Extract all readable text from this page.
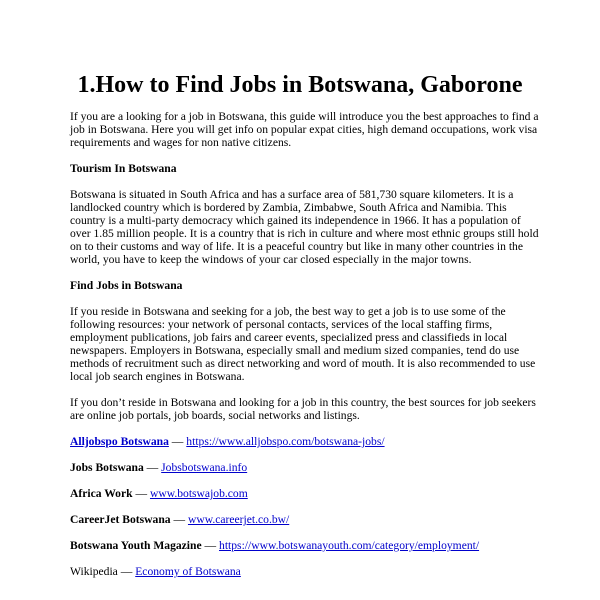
1.How to Find Jobs in Botswana, Gaborone

If you are a looking for a job in Botswana, this guide will introduce you the best approaches to find a job in Botswana. Here you will get info on popular expat cities, high demand occupations, work visa requirements and wages for non native citizens.

Tourism In Botswana

Botswana is situated in South Africa and has a surface area of 581,730 square kilometers. It is a landlocked country which is bordered by Zambia, Zimbabwe, South Africa and Namibia. This country is a multi-party democracy which gained its independence in 1966. It has a population of over 1.85 million people. It is a country that is rich in culture and where most ethnic groups still hold on to their customs and way of life. It is a peaceful country but like in many other countries in the world, you have to keep the windows of your car closed especially in the major towns.

Find Jobs in Botswana

If you reside in Botswana and seeking for a job, the best way to get a job is to use some of the following resources: your network of personal contacts, services of the local staffing firms, employment publications, job fairs and career events, specialized press and classifieds in local newspapers. Employers in Botswana, especially small and medium sized companies, tend do use methods of recruitment such as direct networking and word of mouth. It is also recommended to use local job search engines in Botswana.

If you don’t reside in Botswana and looking for a job in this country, the best sources for job seekers are online job portals, job boards, social networks and listings.

Alljobspo Botswana — https://www.alljobspo.com/botswana-jobs/

Jobs Botswana — Jobsbotswana.info

Africa Work — www.botswajob.com

CareerJet Botswana — www.careerjet.co.bw/

Botswana Youth Magazine — https://www.botswanayouth.com/category/employment/

Wikipedia — Economy of Botswana
